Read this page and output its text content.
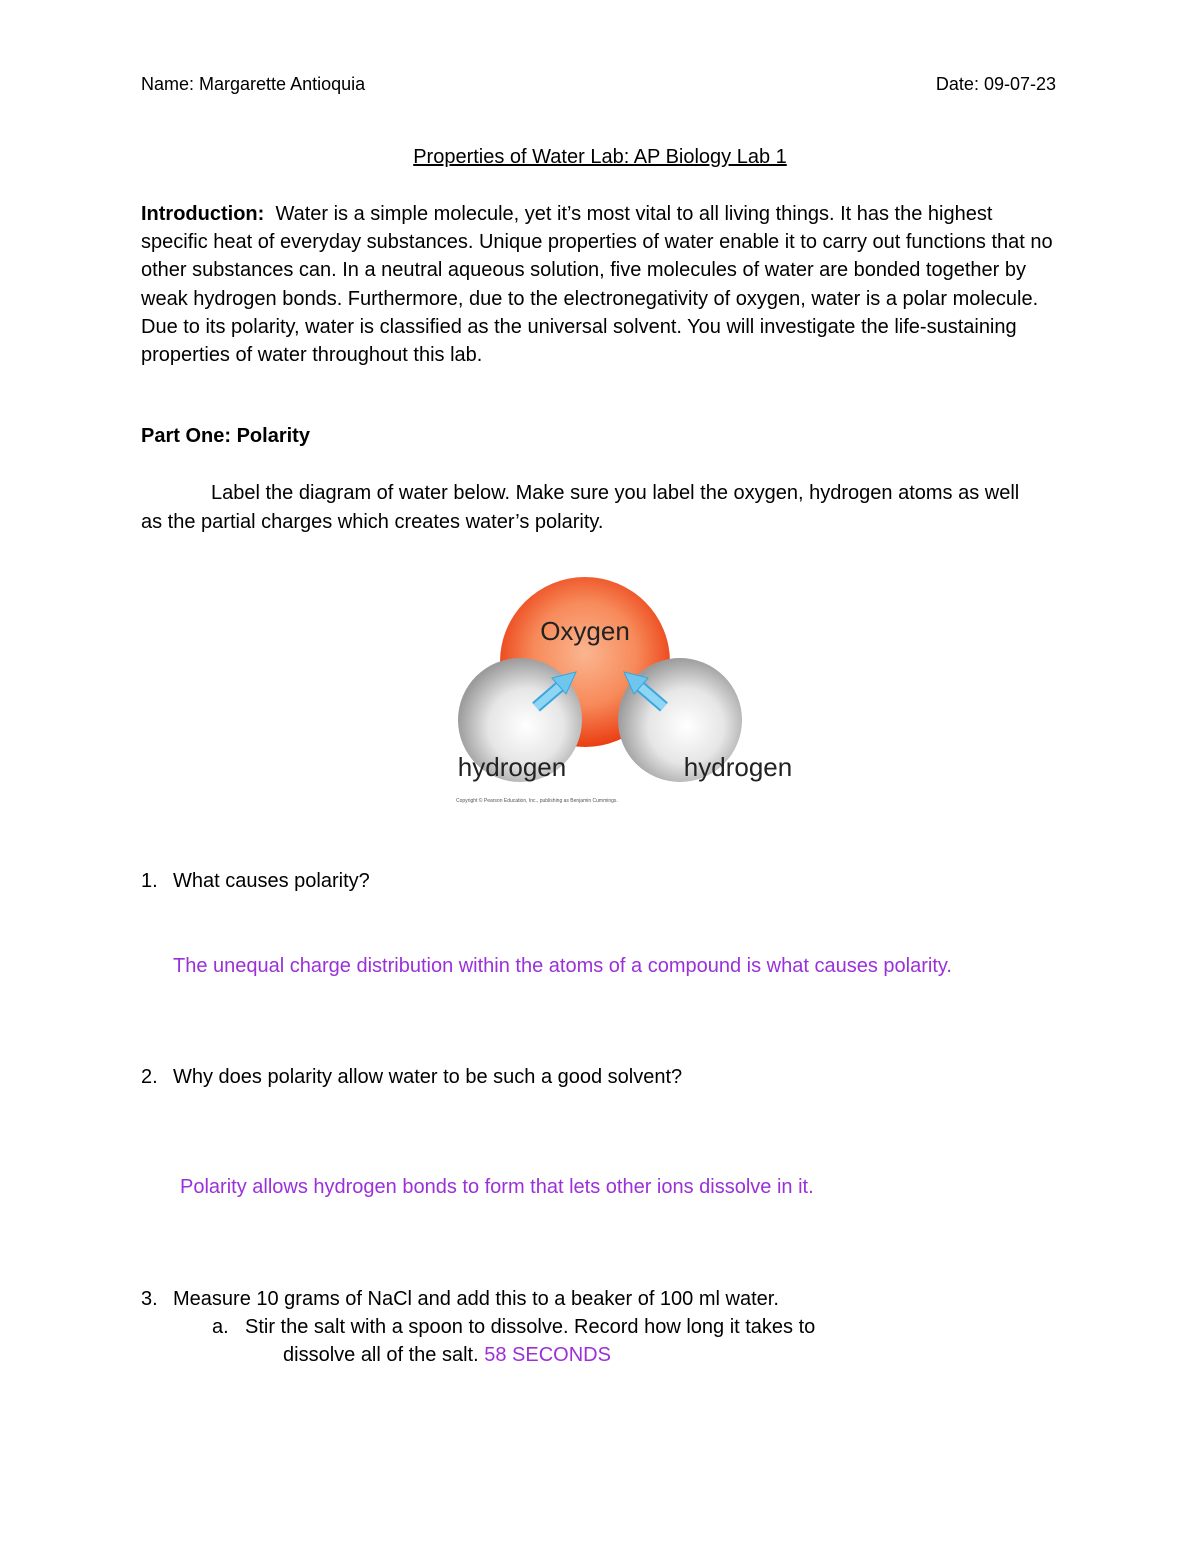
Name: Margarette Antioquia	Date: 09-07-23
Properties of Water Lab: AP Biology Lab 1
Introduction: Water is a simple molecule, yet it’s most vital to all living things. It has the highest specific heat of everyday substances. Unique properties of water enable it to carry out functions that no other substances can. In a neutral aqueous solution, five molecules of water are bonded together by weak hydrogen bonds. Furthermore, due to the electronegativity of oxygen, water is a polar molecule. Due to its polarity, water is classified as the universal solvent. You will investigate the life-sustaining properties of water throughout this lab.
Part One: Polarity
Label the diagram of water below. Make sure you label the oxygen, hydrogen atoms as well as the partial charges which creates water’s polarity.
Oxygen
hydrogen	hydrogen
Copyright © Pearson Education, Inc., publishing as Benjamin Cummings.
1. What causes polarity?
The unequal charge distribution within the atoms of a compound is what causes polarity.
2. Why does polarity allow water to be such a good solvent?
Polarity allows hydrogen bonds to form that lets other ions dissolve in it.
3. Measure 10 grams of NaCl and add this to a beaker of 100 ml water.
a. Stir the salt with a spoon to dissolve. Record how long it takes to
dissolve all of the salt. 58 SECONDS
